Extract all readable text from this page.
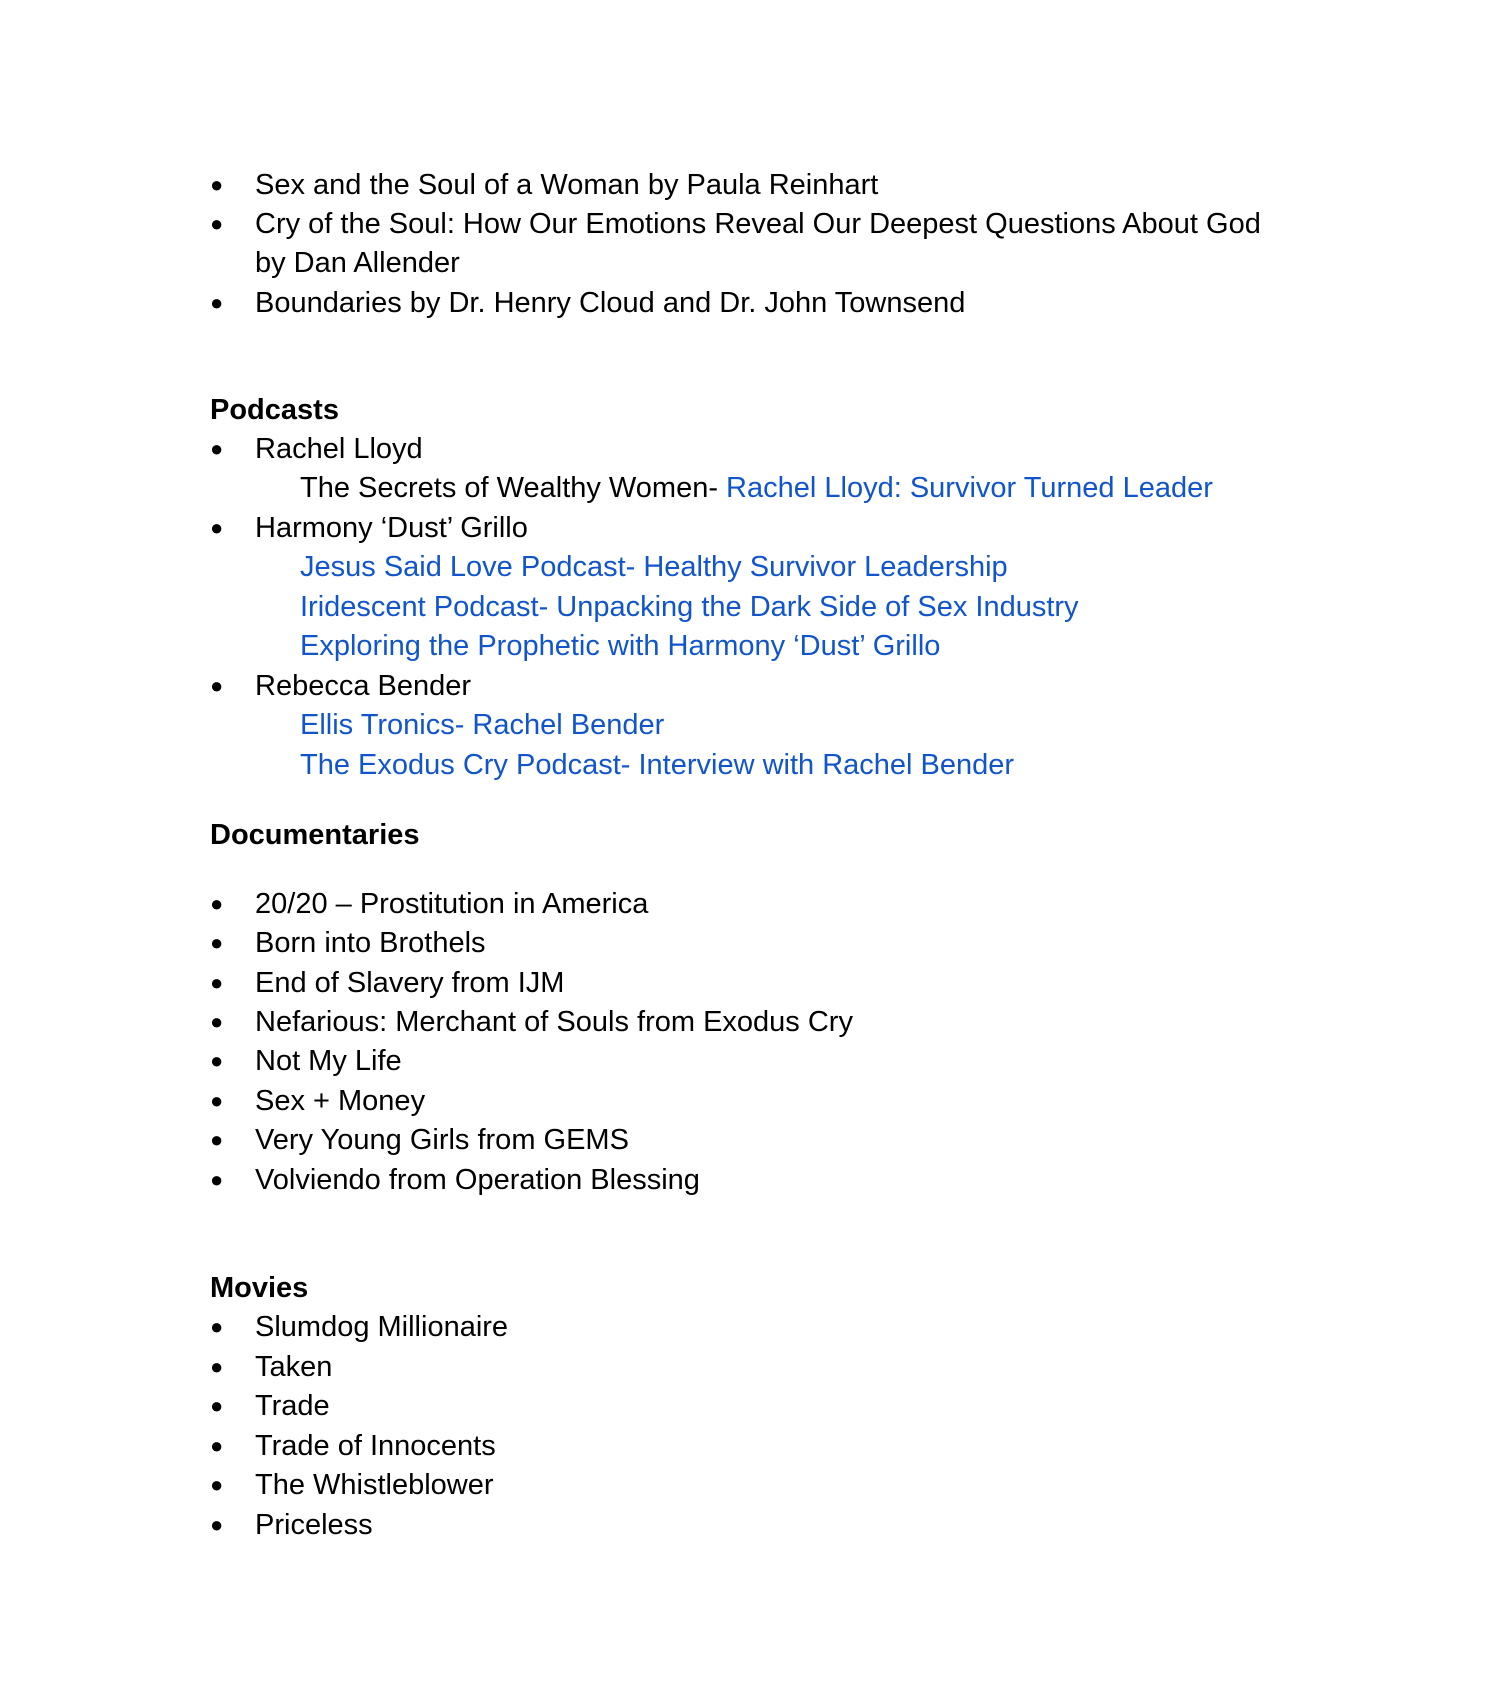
● Sex and the Soul of a Woman by Paula Reinhart
● Cry of the Soul: How Our Emotions Reveal Our Deepest Questions About God
by Dan Allender
● Boundaries by Dr. Henry Cloud and Dr. John Townsend
Podcasts
● Rachel Lloyd
The Secrets of Wealthy Women- Rachel Lloyd: Survivor Turned Leader
● Harmony ‘Dust’ Grillo
Jesus Said Love Podcast- Healthy Survivor Leadership
Iridescent Podcast- Unpacking the Dark Side of Sex Industry
Exploring the Prophetic with Harmony ‘Dust’ Grillo
● Rebecca Bender
Ellis Tronics- Rachel Bender
The Exodus Cry Podcast- Interview with Rachel Bender
Documentaries
● 20/20 – Prostitution in America
● Born into Brothels
● End of Slavery from IJM
● Nefarious: Merchant of Souls from Exodus Cry
● Not My Life
● Sex + Money
● Very Young Girls from GEMS
● Volviendo from Operation Blessing
Movies
● Slumdog Millionaire
● Taken
● Trade
● Trade of Innocents
● The Whistleblower
● Priceless
